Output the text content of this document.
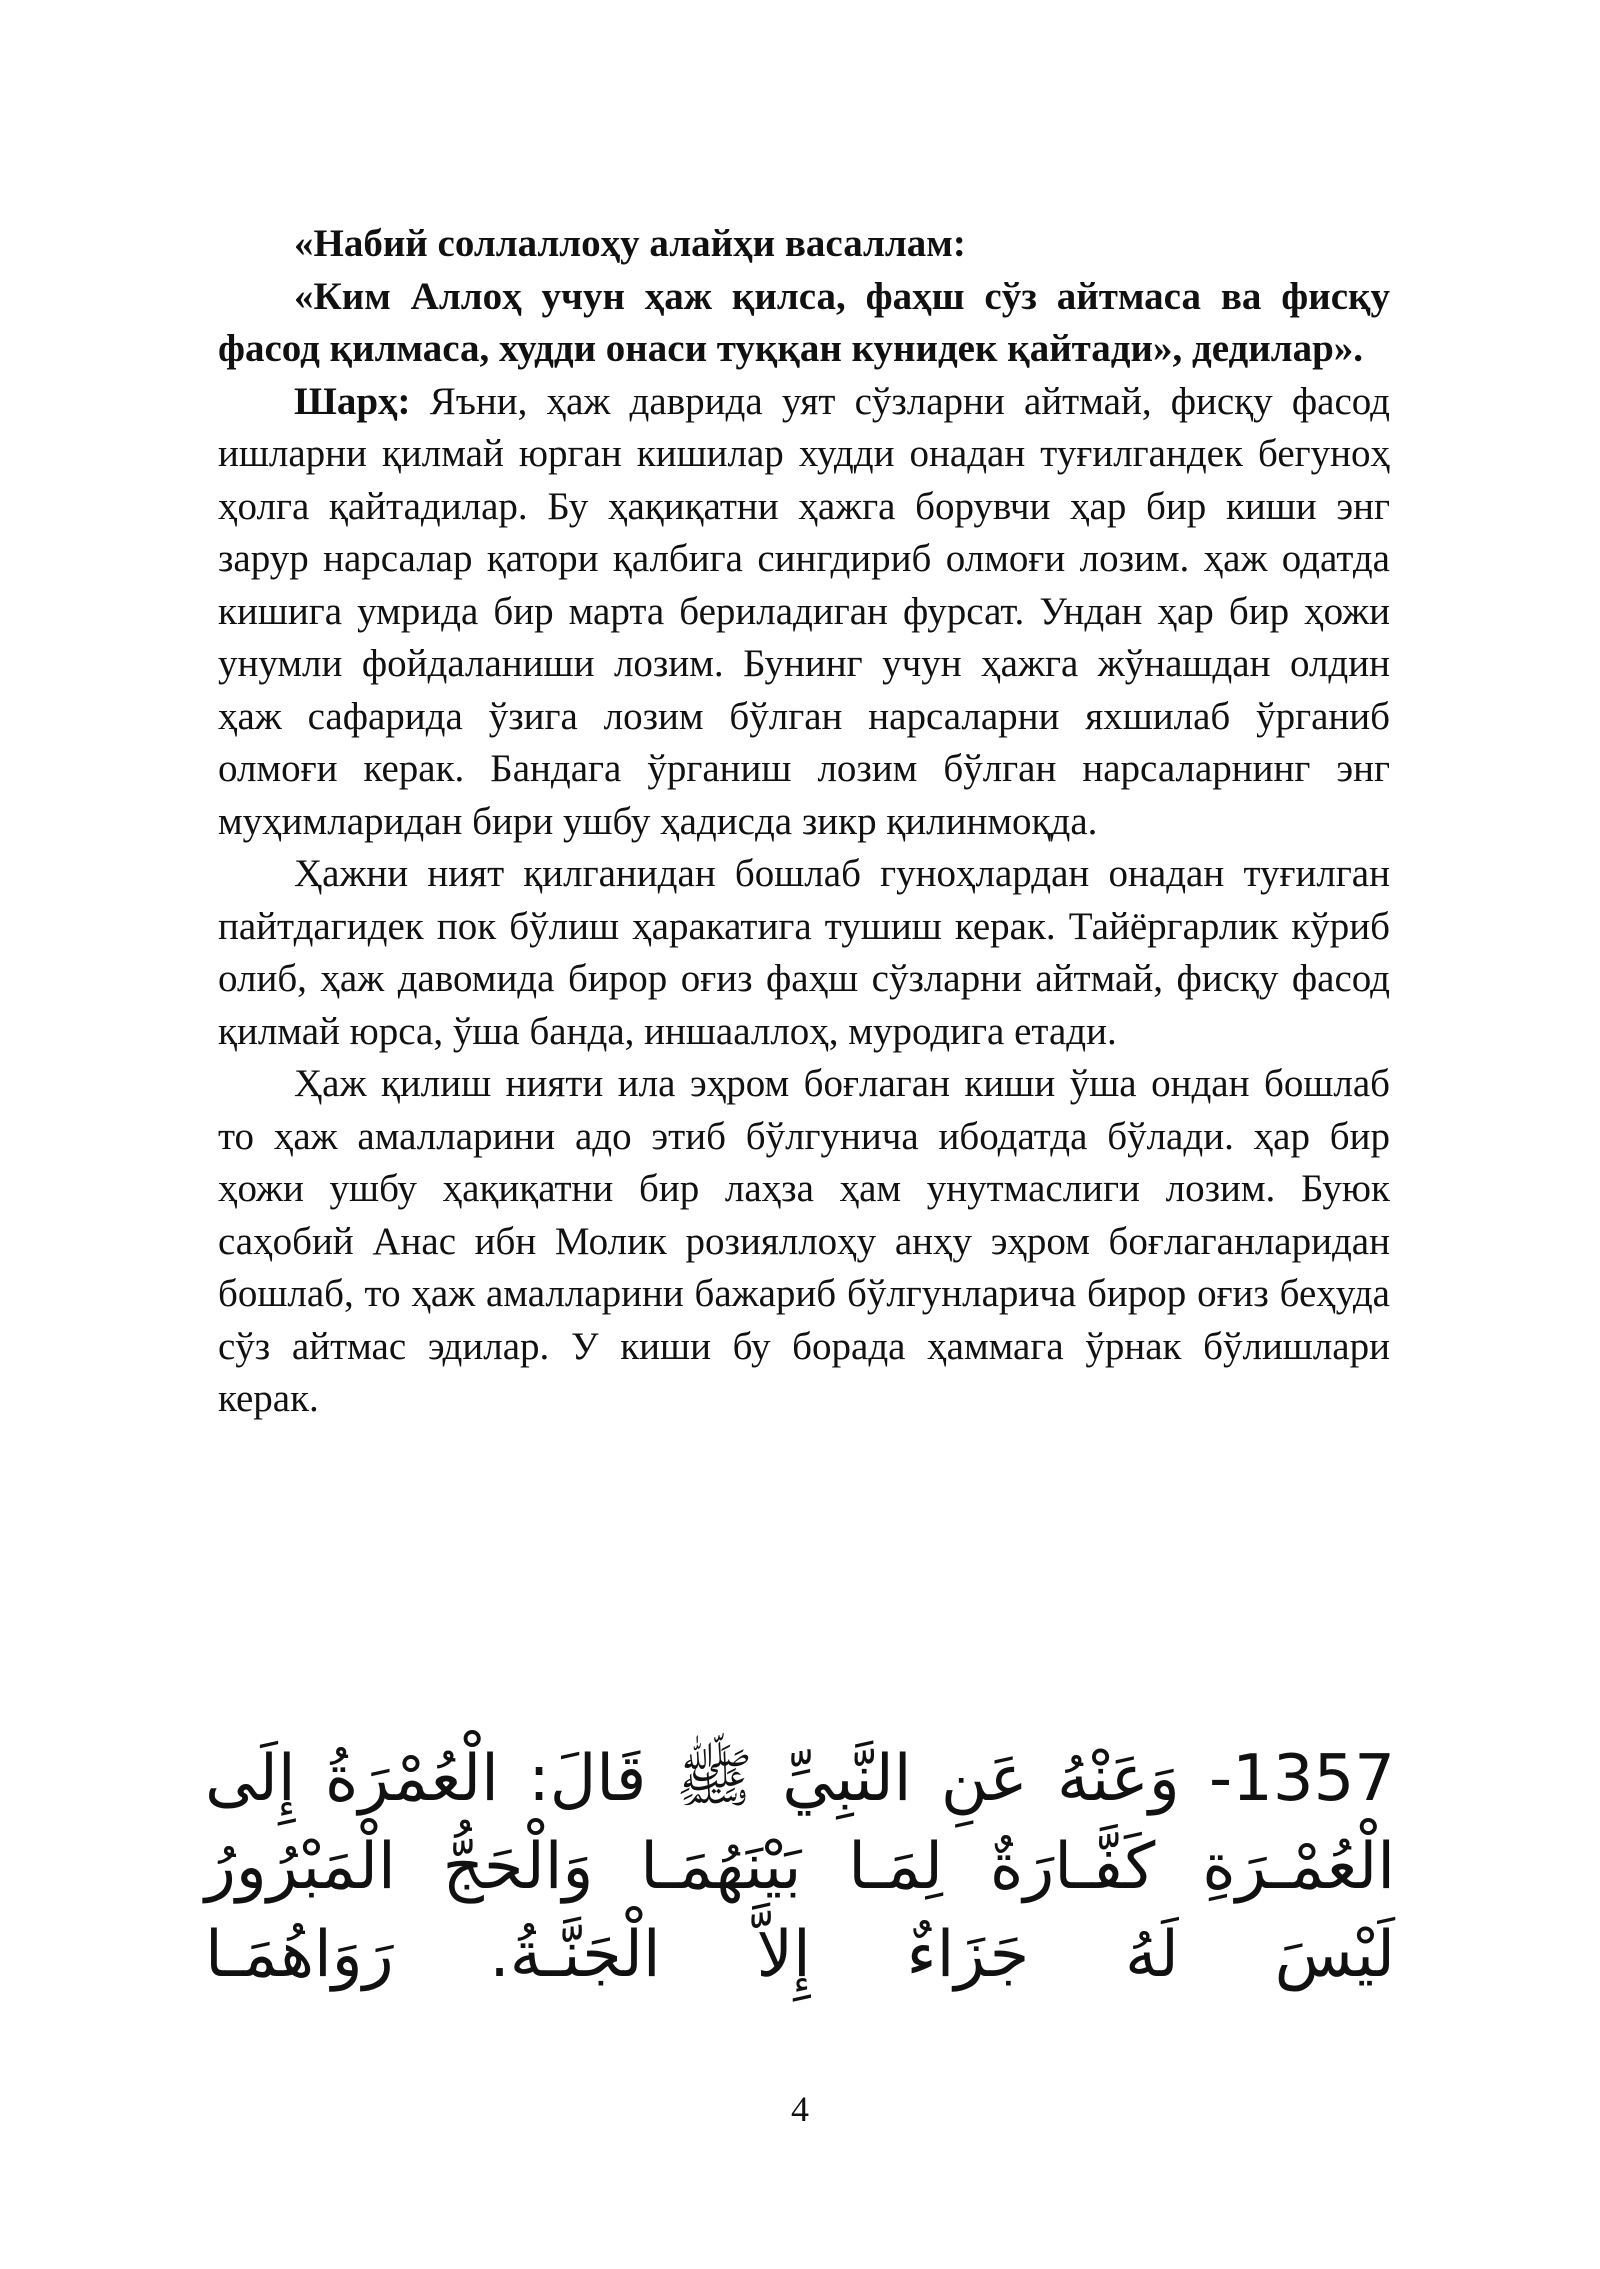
«Набий соллаллоҳу алайҳи васаллам:

«Ким Аллоҳ учун ҳаж қилса, фаҳш сўз айтмаса ва фисқу фасод қилмаса, худди онаси туққан кунидек қайтади», дедилар».

Шарҳ: Яъни, ҳаж даврида уят сўзларни айтмай, фисқу фасод ишларни қилмай юрган кишилар худди онадан туғилгандек бегуноҳ ҳолга қайтадилар. Бу ҳақиқатни ҳажга борувчи ҳар бир киши энг зарур нарсалар қатори қалбига сингдириб олмоғи лозим. ҳаж одатда кишига умрида бир марта бериладиган фурсат. Ундан ҳар бир ҳожи унумли фойдаланиши лозим. Бунинг учун ҳажга жўнашдан олдин ҳаж сафарида ўзига лозим бўлган нарсаларни яхшилаб ўрганиб олмоғи керак. Бандага ўрганиш лозим бўлган нарсаларнинг энг муҳимларидан бири ушбу ҳадисда зикр қилинмоқда.

Ҳажни ният қилганидан бошлаб гуноҳлардан онадан туғилган пайтдагидек пок бўлиш ҳаракатига тушиш керак. Тайёргарлик кўриб олиб, ҳаж давомида бирор оғиз фаҳш сўзларни айтмай, фисқу фасод қилмай юрса, ўша банда, иншааллоҳ, муродига етади.

Ҳаж қилиш нияти ила эҳром боғлаган киши ўша ондан бошлаб то ҳаж амалларини адо этиб бўлгунича ибодатда бўлади. ҳар бир ҳожи ушбу ҳақиқатни бир лаҳза ҳам унутмаслиги лозим. Буюк саҳобий Анас ибн Молик розияллоҳу анҳу эҳром боғлаганларидан бошлаб, то ҳаж амалларини бажариб бўлгунларича бирор оғиз беҳуда сўз айтмас эдилар. У киши бу борада ҳаммага ўрнак бўлишлари керак.

1357- وَعَنْهُ عَنِ النَّبِيِّ ﷺ قَالَ: الْعُمْرَةُ إِلَى الْعُمْـرَةِ كَفَّـارَةٌ لِمَـا بَيْنَهُمَـا وَالْحَجُّ الْمَبْرُورُ لَيْسَ لَهُ جَزَاءٌ إِلاَّ الْجَنَّـةُ. رَوَاهُمَـا

4
